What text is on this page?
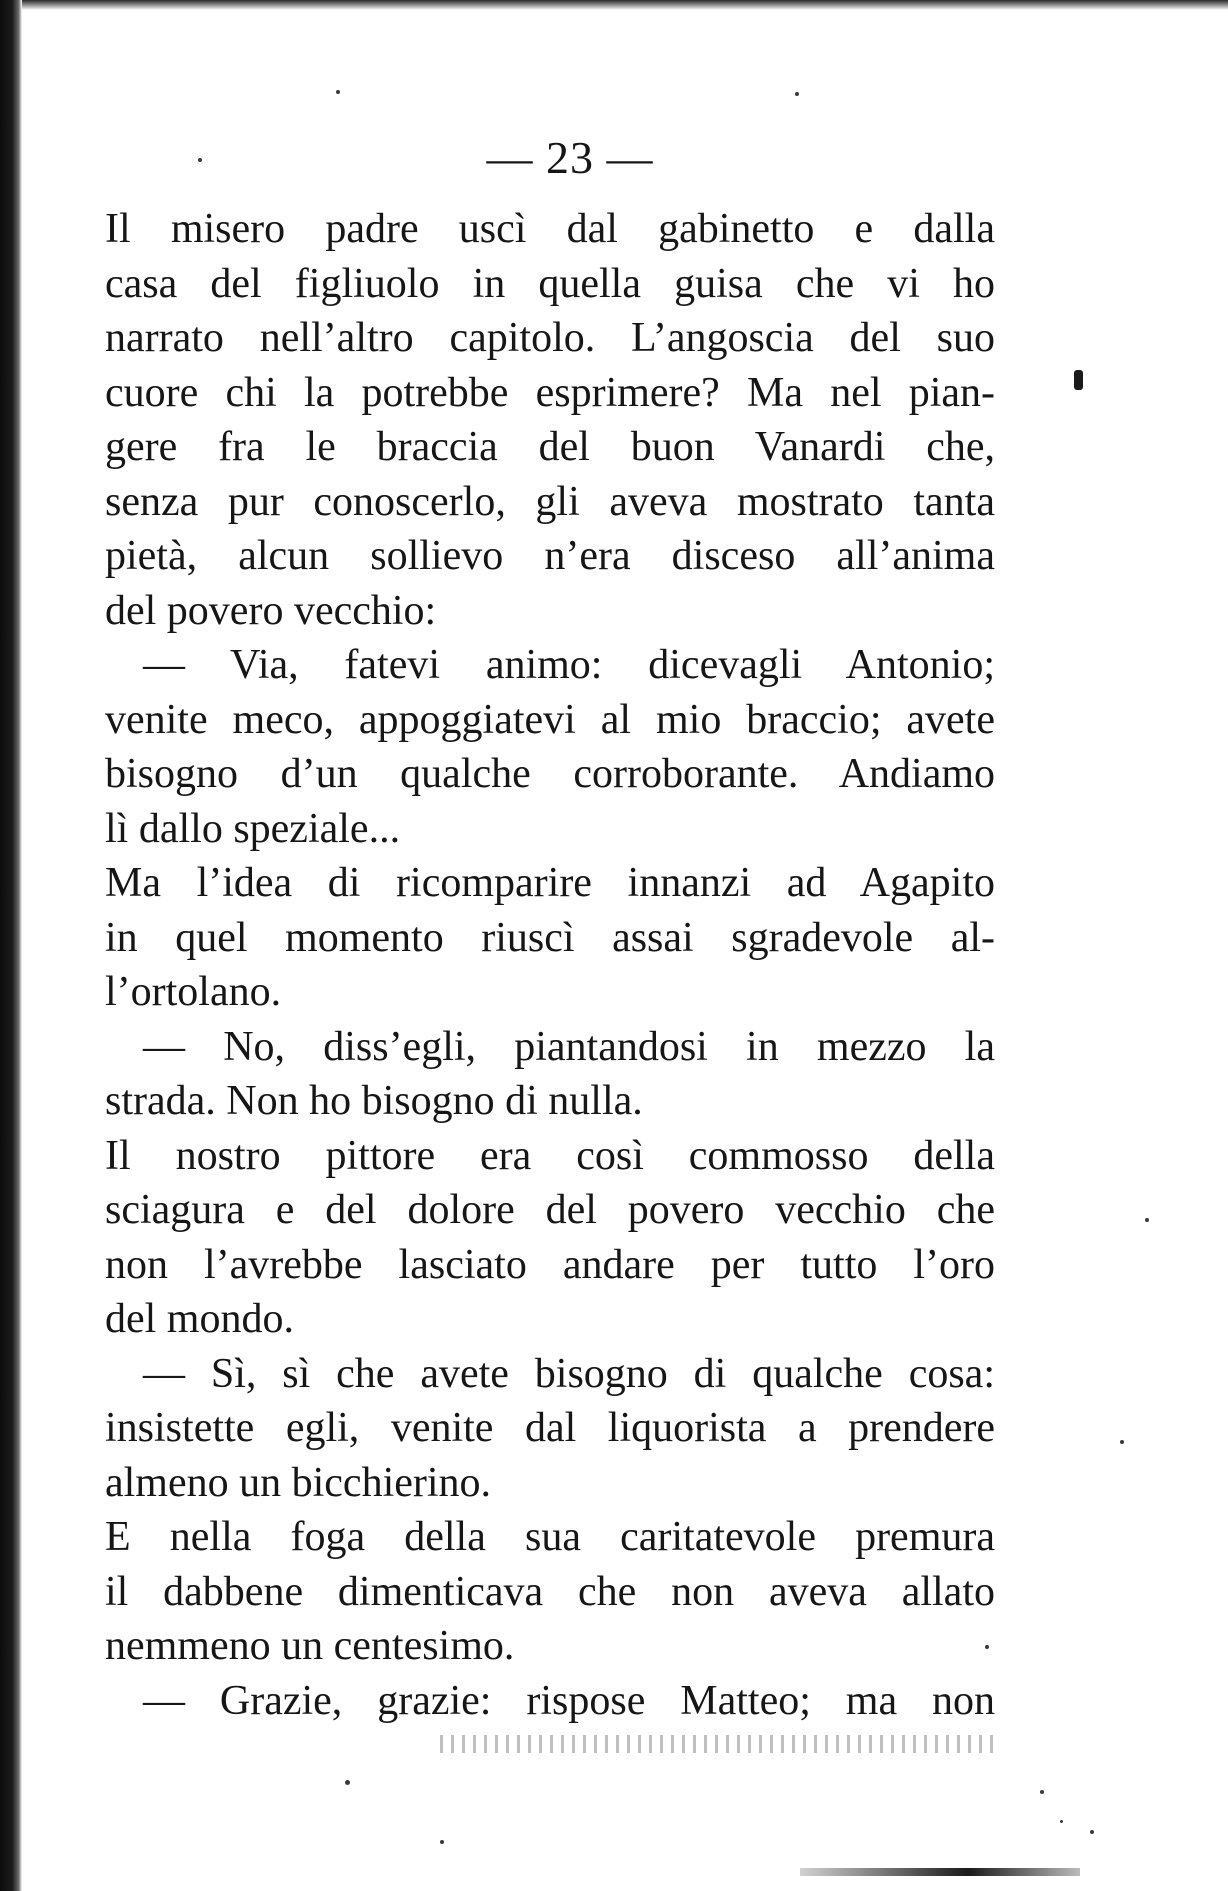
— 23 —
Il misero padre uscì dal gabinetto e dalla
casa del figliuolo in quella guisa che vi ho
narrato nell’altro capitolo. L’angoscia del suo
cuore chi la potrebbe esprimere? Ma nel pian-
gere fra le braccia del buon Vanardi che,
senza pur conoscerlo, gli aveva mostrato tanta
pietà, alcun sollievo n’era disceso all’anima
del povero vecchio:
— Via, fatevi animo: dicevagli Antonio;
venite meco, appoggiatevi al mio braccio; avete
bisogno d’un qualche corroborante. Andiamo
lì dallo speziale...
Ma l’idea di ricomparire innanzi ad Agapito
in quel momento riuscì assai sgradevole al-
l’ortolano.
— No, diss’egli, piantandosi in mezzo la
strada. Non ho bisogno di nulla.
Il nostro pittore era così commosso della
sciagura e del dolore del povero vecchio che
non l’avrebbe lasciato andare per tutto l’oro
del mondo.
— Sì, sì che avete bisogno di qualche cosa:
insistette egli, venite dal liquorista a prendere
almeno un bicchierino.
E nella foga della sua caritatevole premura
il dabbene dimenticava che non aveva allato
nemmeno un centesimo.
— Grazie, grazie: rispose Matteo; ma non
